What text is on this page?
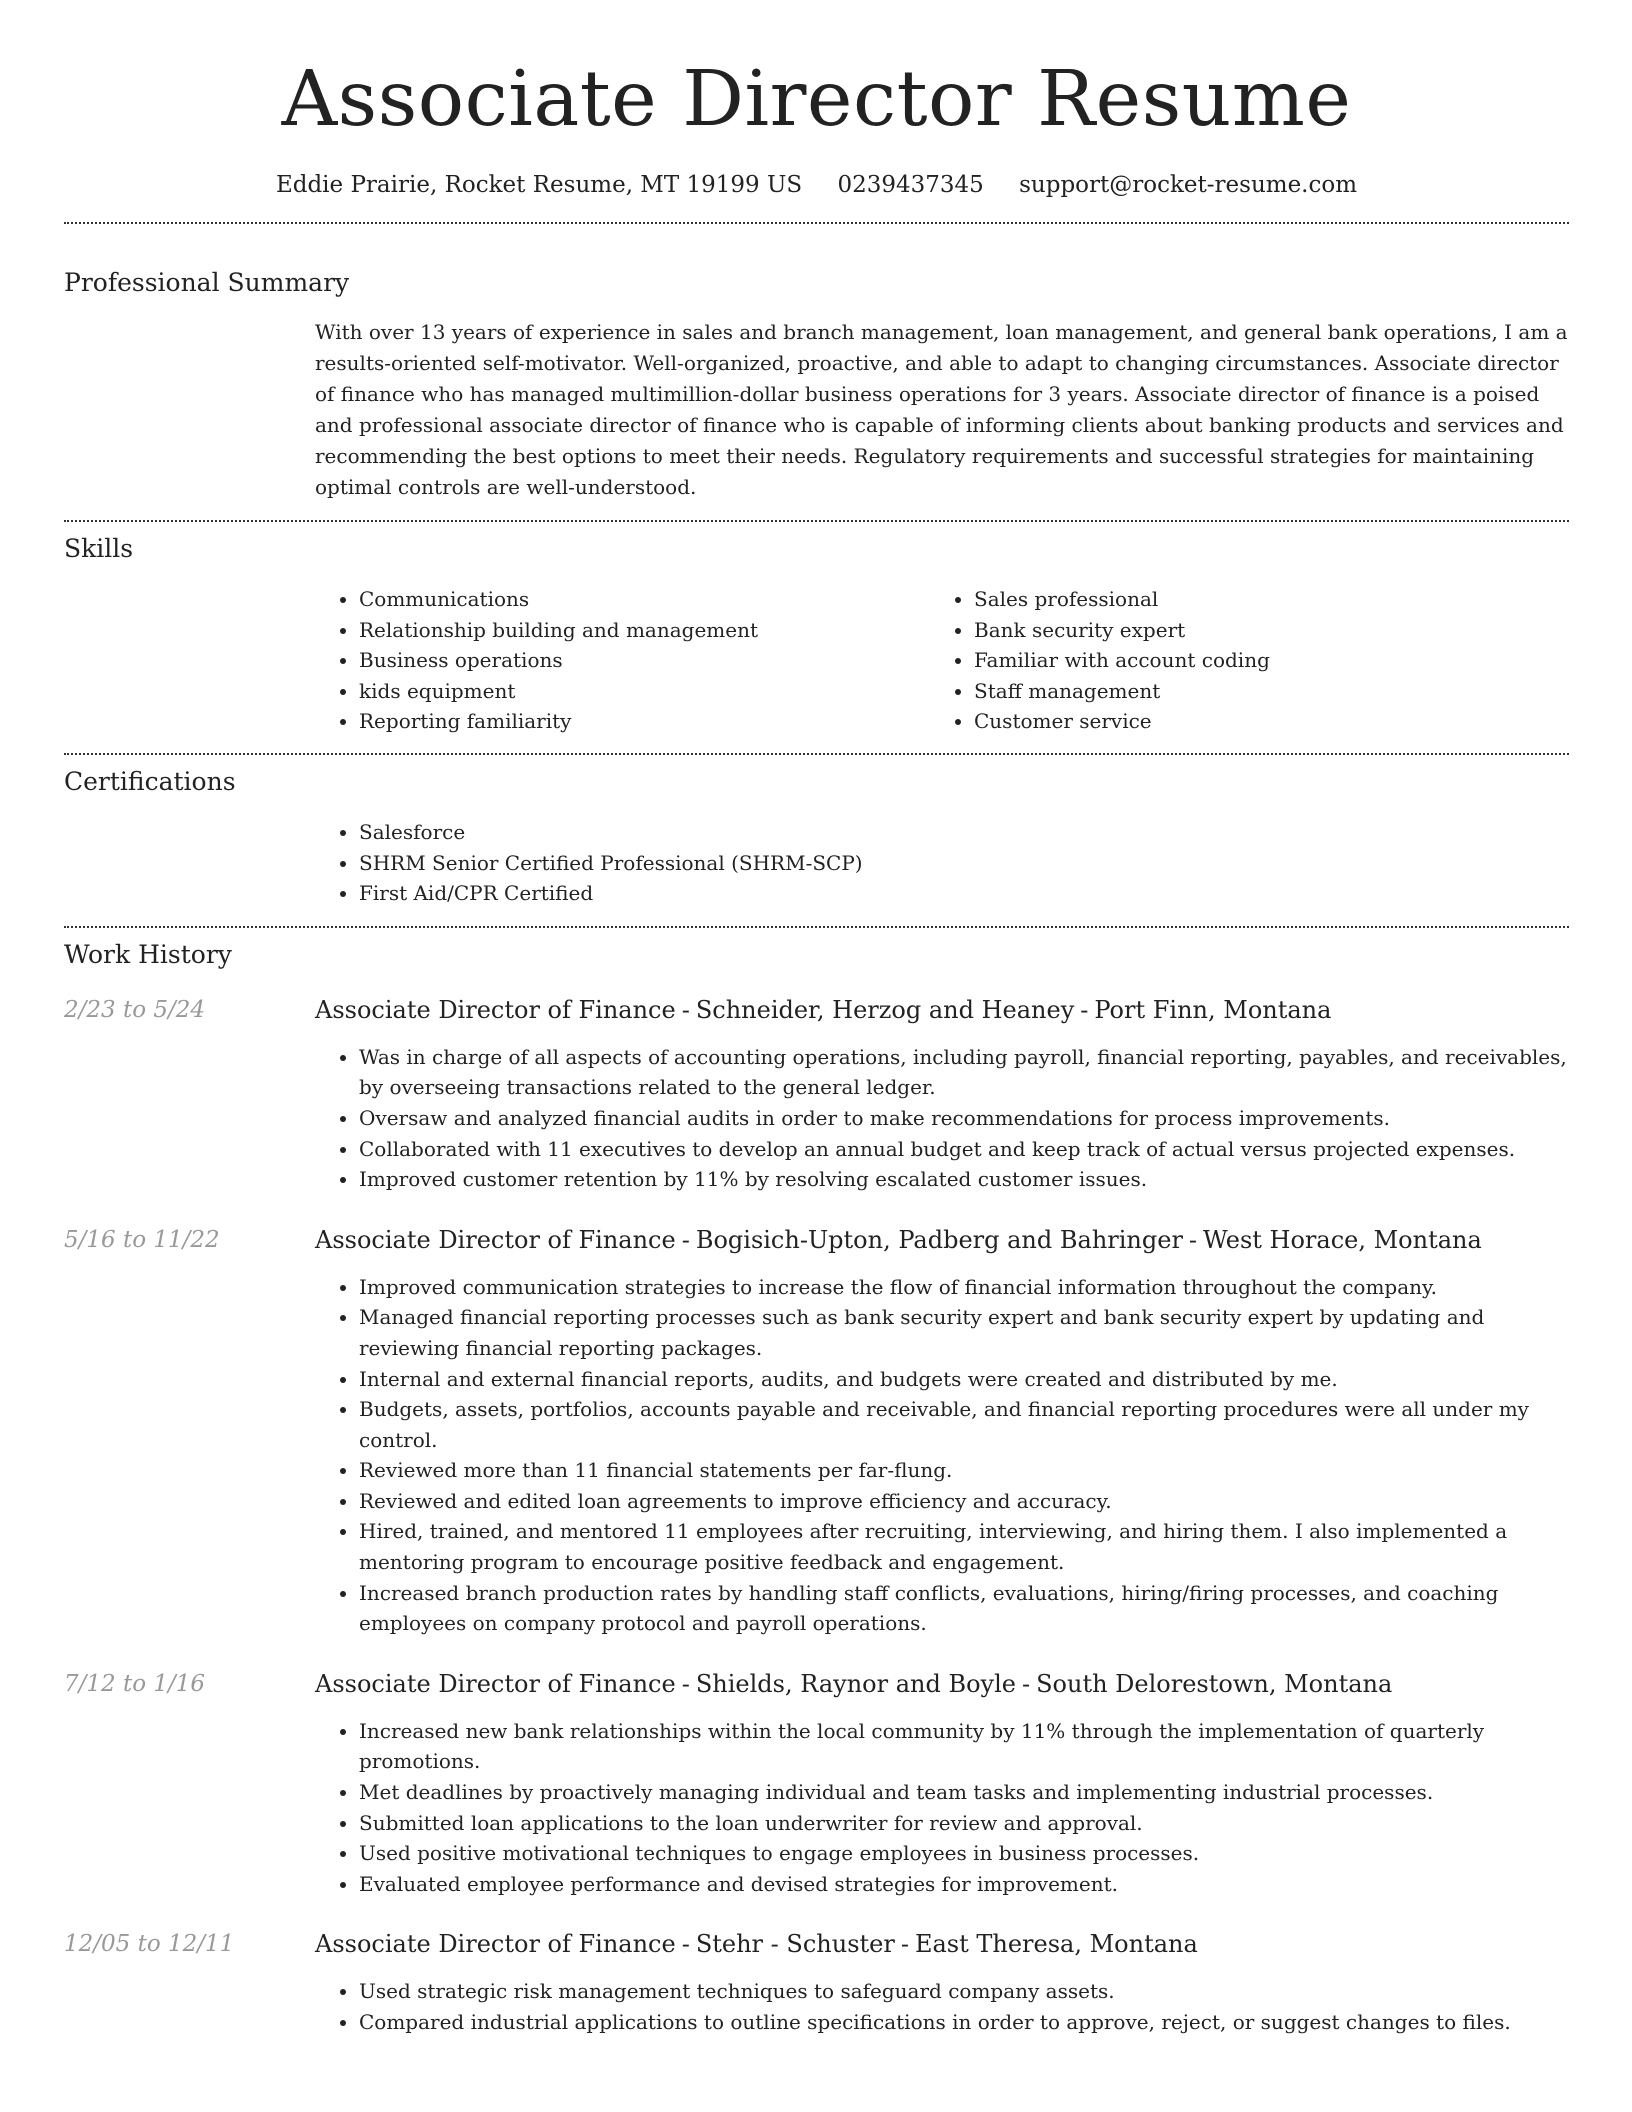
Associate Director Resume
Eddie Prairie, Rocket Resume, MT 19199 US 0239437345 support@rocket-resume.com
Professional Summary
With over 13 years of experience in sales and branch management, loan management, and general bank operations, I am a results-oriented self-motivator. Well-organized, proactive, and able to adapt to changing circumstances. Associate director of finance who has managed multimillion-dollar business operations for 3 years. Associate director of finance is a poised and professional associate director of finance who is capable of informing clients about banking products and services and recommending the best options to meet their needs. Regulatory requirements and successful strategies for maintaining optimal controls are well-understood.
Skills
• Communications
• Relationship building and management
• Business operations
• kids equipment
• Reporting familiarity
• Sales professional
• Bank security expert
• Familiar with account coding
• Staff management
• Customer service
Certifications
• Salesforce
• SHRM Senior Certified Professional (SHRM-SCP)
• First Aid/CPR Certified
Work History
2/23 to 5/24	Associate Director of Finance - Schneider, Herzog and Heaney - Port Finn, Montana
• Was in charge of all aspects of accounting operations, including payroll, financial reporting, payables, and receivables, by overseeing transactions related to the general ledger.
• Oversaw and analyzed financial audits in order to make recommendations for process improvements.
• Collaborated with 11 executives to develop an annual budget and keep track of actual versus projected expenses.
• Improved customer retention by 11% by resolving escalated customer issues.
5/16 to 11/22	Associate Director of Finance - Bogisich-Upton, Padberg and Bahringer - West Horace, Montana
• Improved communication strategies to increase the flow of financial information throughout the company.
• Managed financial reporting processes such as bank security expert and bank security expert by updating and reviewing financial reporting packages.
• Internal and external financial reports, audits, and budgets were created and distributed by me.
• Budgets, assets, portfolios, accounts payable and receivable, and financial reporting procedures were all under my control.
• Reviewed more than 11 financial statements per far-flung.
• Reviewed and edited loan agreements to improve efficiency and accuracy.
• Hired, trained, and mentored 11 employees after recruiting, interviewing, and hiring them. I also implemented a mentoring program to encourage positive feedback and engagement.
• Increased branch production rates by handling staff conflicts, evaluations, hiring/firing processes, and coaching employees on company protocol and payroll operations.
7/12 to 1/16	Associate Director of Finance - Shields, Raynor and Boyle - South Delorestown, Montana
• Increased new bank relationships within the local community by 11% through the implementation of quarterly promotions.
• Met deadlines by proactively managing individual and team tasks and implementing industrial processes.
• Submitted loan applications to the loan underwriter for review and approval.
• Used positive motivational techniques to engage employees in business processes.
• Evaluated employee performance and devised strategies for improvement.
12/05 to 12/11	Associate Director of Finance - Stehr - Schuster - East Theresa, Montana
• Used strategic risk management techniques to safeguard company assets.
• Compared industrial applications to outline specifications in order to approve, reject, or suggest changes to files.
